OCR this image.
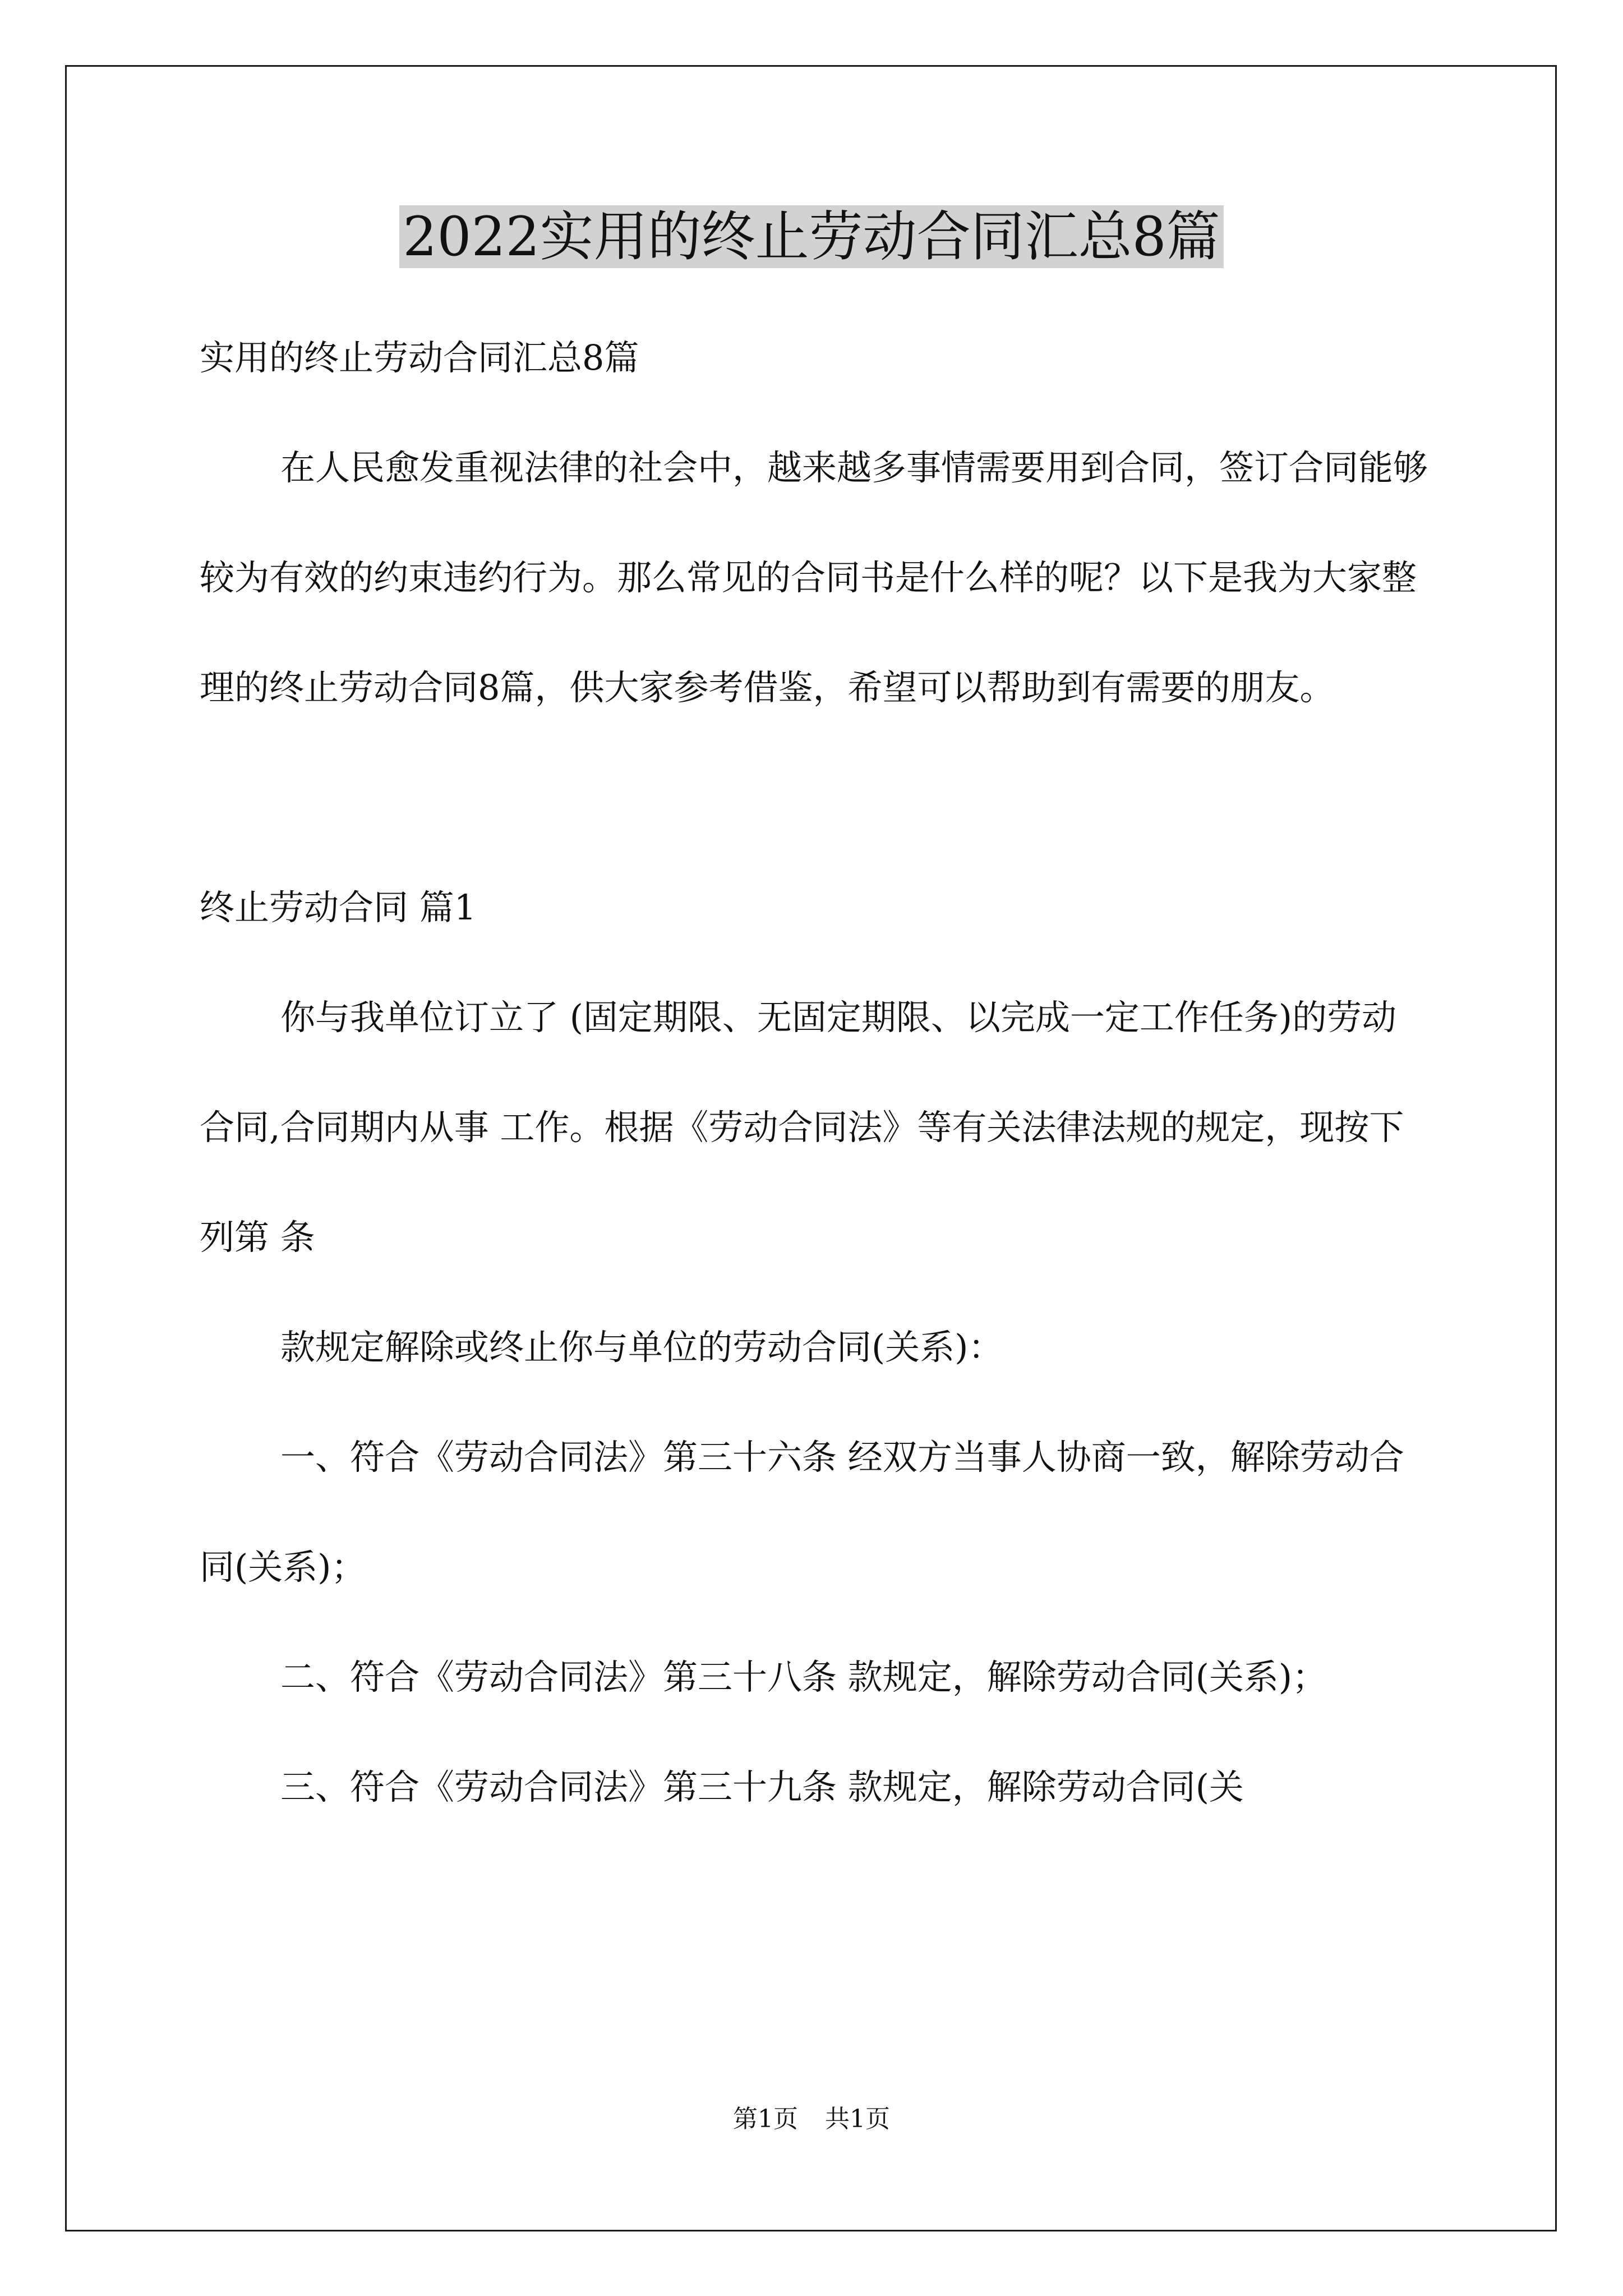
2022实用的终止劳动合同汇总8篇

实用的终止劳动合同汇总8篇

在人民愈发重视法律的社会中，越来越多事情需要用到合同，签订合同能够较为有效的约束违约行为。那么常见的合同书是什么样的呢？以下是我为大家整理的终止劳动合同8篇，供大家参考借鉴，希望可以帮助到有需要的朋友。

终止劳动合同 篇1

你与我单位订立了 (固定期限、无固定期限、以完成一定工作任务)的劳动合同,合同期内从事 工作。根据《劳动合同法》等有关法律法规的规定，现按下列第 条

款规定解除或终止你与单位的劳动合同(关系)：

一、符合《劳动合同法》第三十六条 经双方当事人协商一致，解除劳动合同(关系)；

二、符合《劳动合同法》第三十八条 款规定，解除劳动合同(关系)；

三、符合《劳动合同法》第三十九条 款规定，解除劳动合同(关

第1页 共1页
